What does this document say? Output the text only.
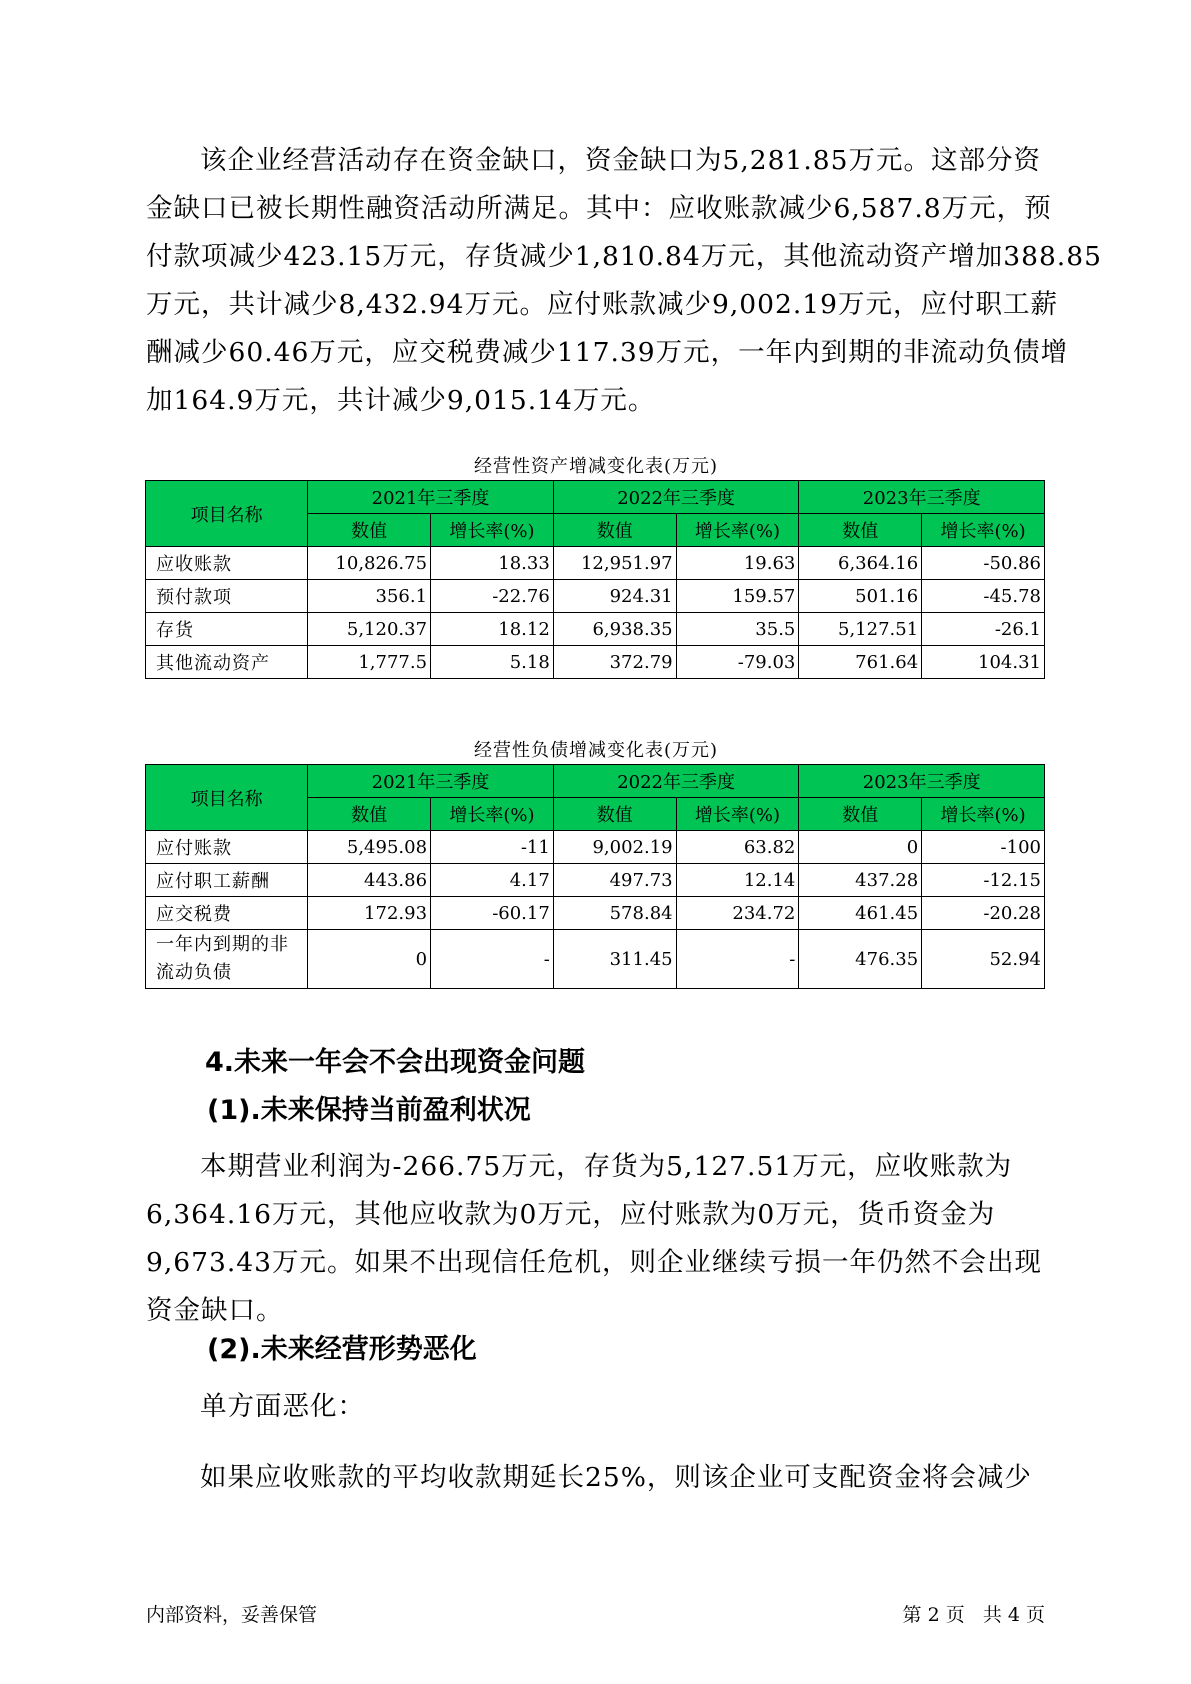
该企业经营活动存在资金缺口，资金缺口为5,281.85万元。这部分资
金缺口已被长期性融资活动所满足。其中：应收账款减少6,587.8万元，预
付款项减少423.15万元，存货减少1,810.84万元，其他流动资产增加388.85
万元，共计减少8,432.94万元。应付账款减少9,002.19万元，应付职工薪
酬减少60.46万元，应交税费减少117.39万元，一年内到期的非流动负债增
加164.9万元，共计减少9,015.14万元。
经营性资产增减变化表(万元)
项目名称	2021年三季度		2022年三季度		2023年三季度	
	数值	增长率(%)	数值	增长率(%)	数值	增长率(%)
应收账款	10,826.75	18.33	12,951.97	19.63	6,364.16	-50.86
预付款项	356.1	-22.76	924.31	159.57	501.16	-45.78
存货	5,120.37	18.12	6,938.35	35.5	5,127.51	-26.1
其他流动资产	1,777.5	5.18	372.79	-79.03	761.64	104.31
经营性负债增减变化表(万元)
项目名称	2021年三季度		2022年三季度		2023年三季度	
	数值	增长率(%)	数值	增长率(%)	数值	增长率(%)
应付账款	5,495.08	-11	9,002.19	63.82	0	-100
应付职工薪酬	443.86	4.17	497.73	12.14	437.28	-12.15
应交税费	172.93	-60.17	578.84	234.72	461.45	-20.28
一年内到期的非流动负债	0	-	311.45	-	476.35	52.94
4.未来一年会不会出现资金问题
(1).未来保持当前盈利状况
本期营业利润为-266.75万元，存货为5,127.51万元，应收账款为
6,364.16万元，其他应收款为0万元，应付账款为0万元，货币资金为
9,673.43万元。如果不出现信任危机，则企业继续亏损一年仍然不会出现
资金缺口。
(2).未来经营形势恶化
单方面恶化：
如果应收账款的平均收款期延长25%，则该企业可支配资金将会减少
内部资料，妥善保管	第 2 页   共 4 页
